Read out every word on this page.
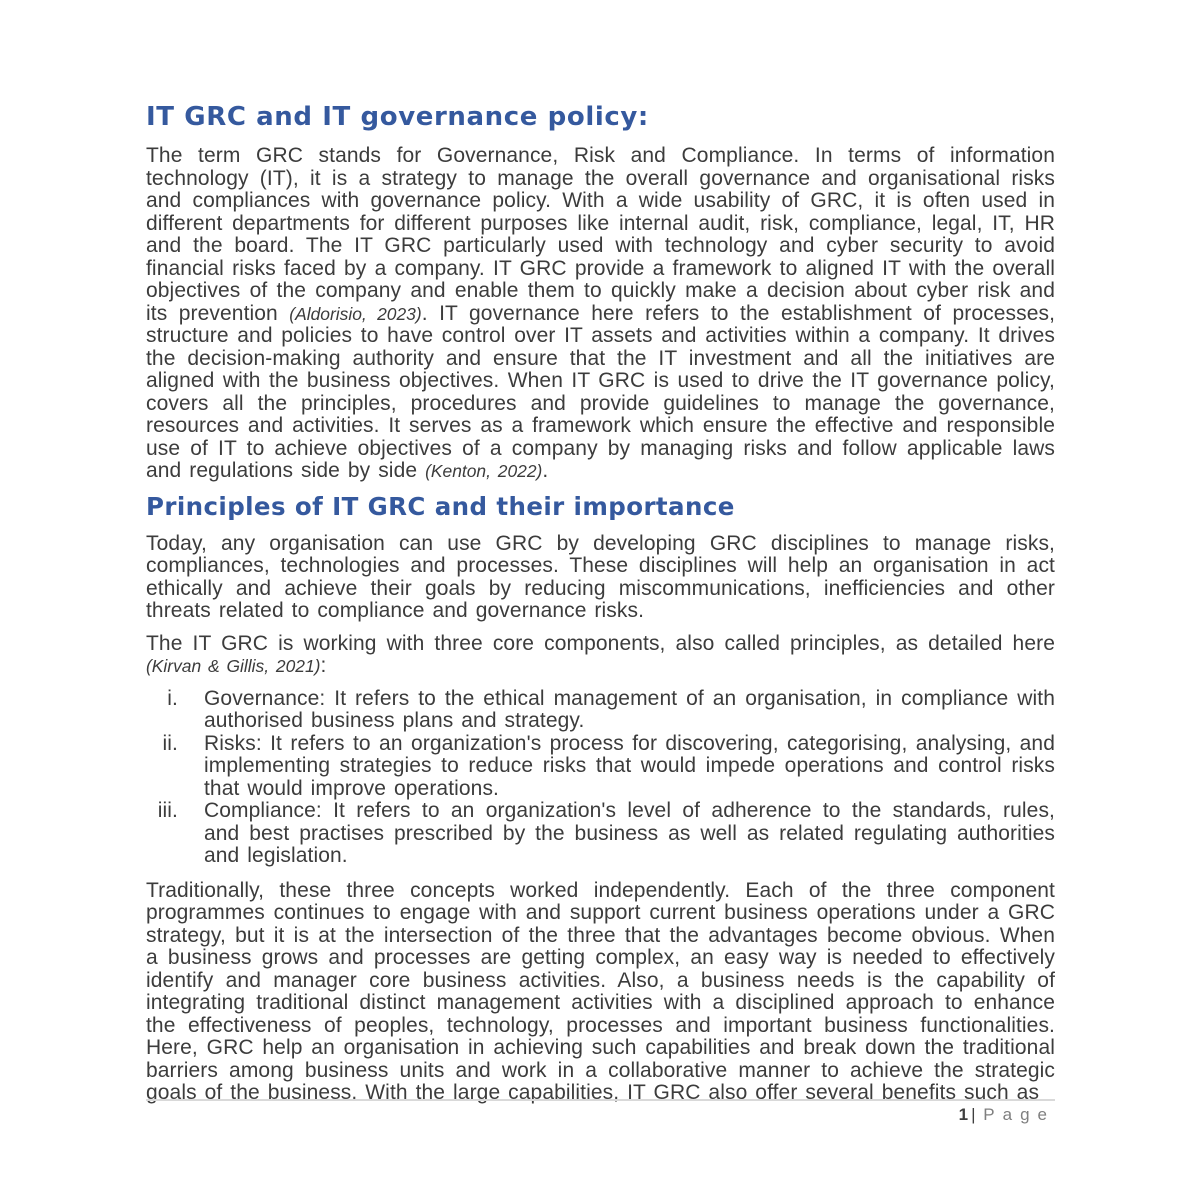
IT GRC and IT governance policy:

The term GRC stands for Governance, Risk and Compliance. In terms of information technology (IT), it is a strategy to manage the overall governance and organisational risks and compliances with governance policy. With a wide usability of GRC, it is often used in different departments for different purposes like internal audit, risk, compliance, legal, IT, HR and the board. The IT GRC particularly used with technology and cyber security to avoid financial risks faced by a company. IT GRC provide a framework to aligned IT with the overall objectives of the company and enable them to quickly make a decision about cyber risk and its prevention (Aldorisio, 2023). IT governance here refers to the establishment of processes, structure and policies to have control over IT assets and activities within a company. It drives the decision-making authority and ensure that the IT investment and all the initiatives are aligned with the business objectives. When IT GRC is used to drive the IT governance policy, covers all the principles, procedures and provide guidelines to manage the governance, resources and activities. It serves as a framework which ensure the effective and responsible use of IT to achieve objectives of a company by managing risks and follow applicable laws and regulations side by side (Kenton, 2022).

Principles of IT GRC and their importance

Today, any organisation can use GRC by developing GRC disciplines to manage risks, compliances, technologies and processes. These disciplines will help an organisation in act ethically and achieve their goals by reducing miscommunications, inefficiencies and other threats related to compliance and governance risks.

The IT GRC is working with three core components, also called principles, as detailed here (Kirvan & Gillis, 2021):

i. Governance: It refers to the ethical management of an organisation, in compliance with authorised business plans and strategy.
ii. Risks: It refers to an organization's process for discovering, categorising, analysing, and implementing strategies to reduce risks that would impede operations and control risks that would improve operations.
iii. Compliance: It refers to an organization's level of adherence to the standards, rules, and best practises prescribed by the business as well as related regulating authorities and legislation.

Traditionally, these three concepts worked independently. Each of the three component programmes continues to engage with and support current business operations under a GRC strategy, but it is at the intersection of the three that the advantages become obvious. When a business grows and processes are getting complex, an easy way is needed to effectively identify and manager core business activities. Also, a business needs is the capability of integrating traditional distinct management activities with a disciplined approach to enhance the effectiveness of peoples, technology, processes and important business functionalities. Here, GRC help an organisation in achieving such capabilities and break down the traditional barriers among business units and work in a collaborative manner to achieve the strategic goals of the business. With the large capabilities, IT GRC also offer several benefits such as

1| Page
